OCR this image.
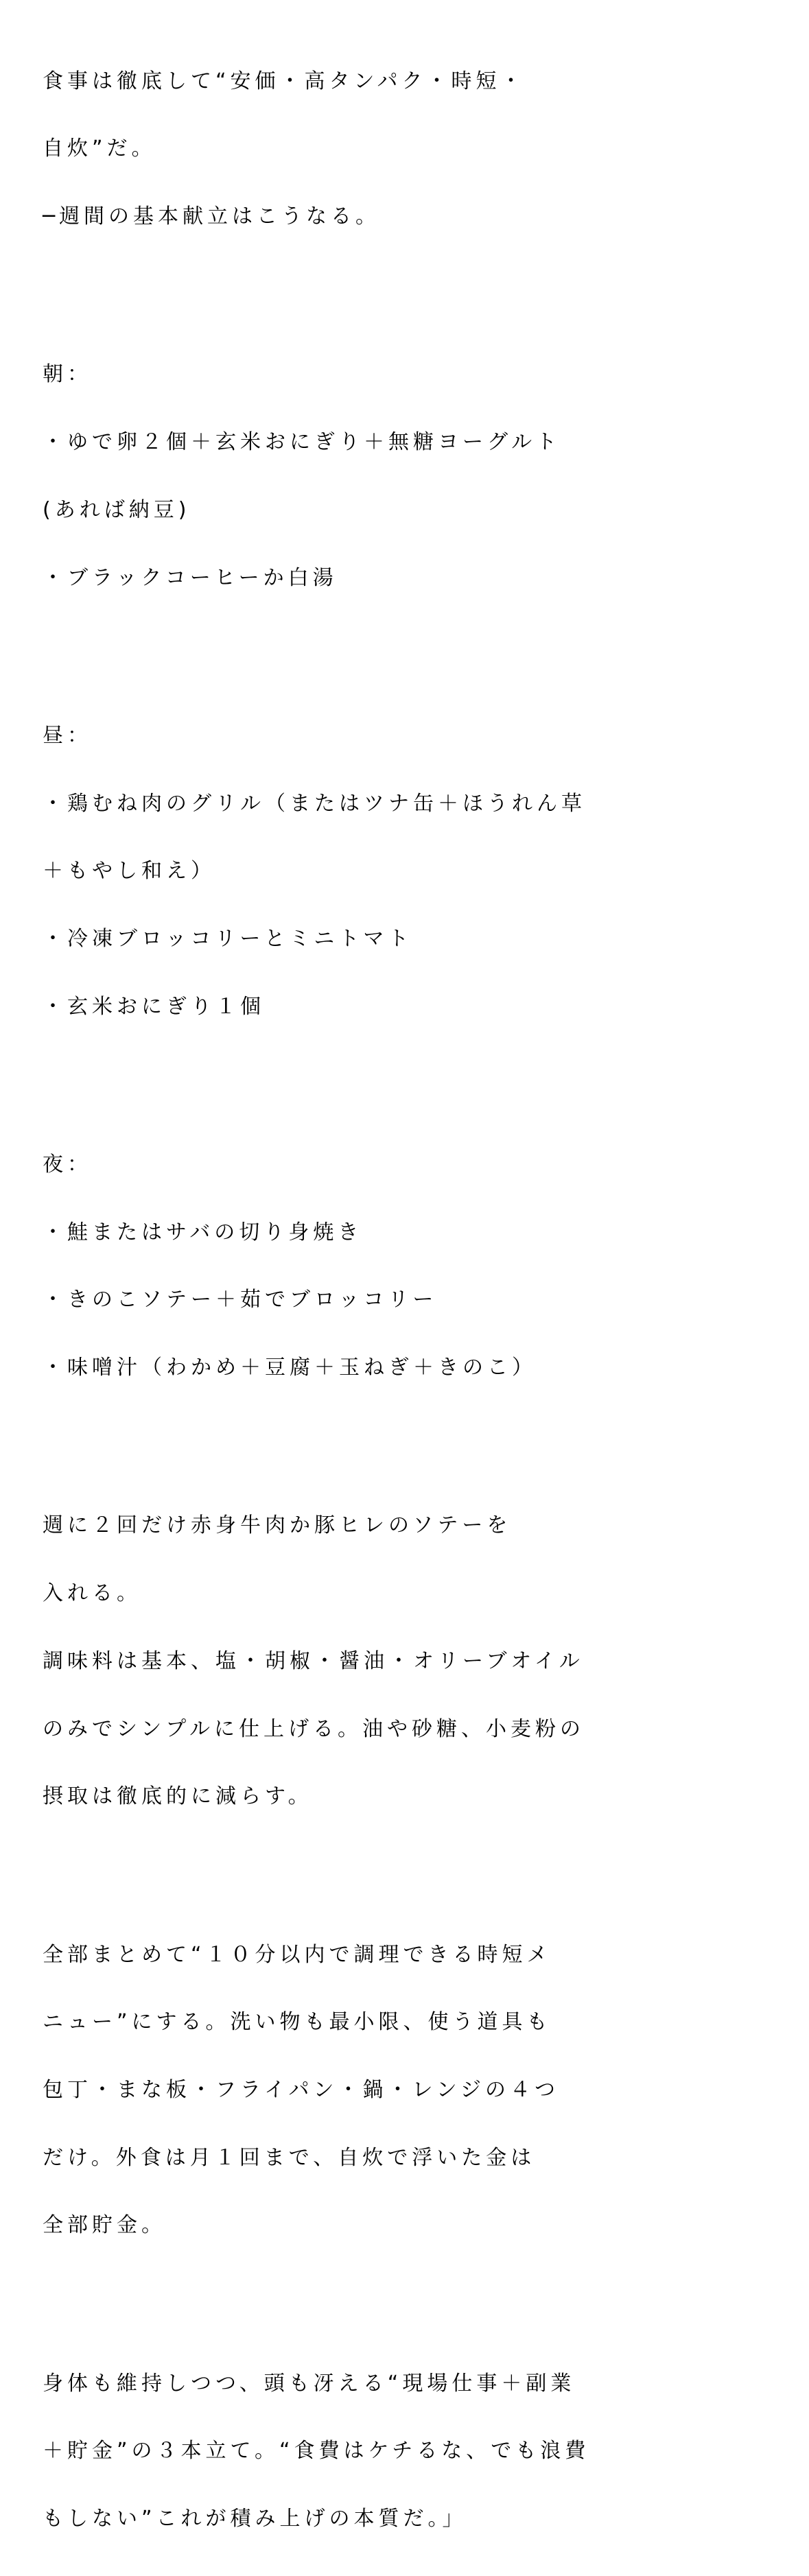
食事は徹底して“安価・高タンパク・時短・

自炊”だ。

─週間の基本献立はこうなる。

朝：

・ゆで卵２個＋玄米おにぎり＋無糖ヨーグルト

(あれば納豆)

・ブラックコーヒーか白湯

昼：

・鶏むね肉のグリル（またはツナ缶＋ほうれん草

＋もやし和え）

・冷凍ブロッコリーとミニトマト

・玄米おにぎり１個

夜：

・鮭またはサバの切り身焼き

・きのこソテー＋茹でブロッコリー

・味噌汁（わかめ＋豆腐＋玉ねぎ＋きのこ）

週に２回だけ赤身牛肉か豚ヒレのソテーを

入れる。

調味料は基本、塩・胡椒・醤油・オリーブオイル

のみでシンプルに仕上げる。油や砂糖、小麦粉の

摂取は徹底的に減らす。

全部まとめて“１０分以内で調理できる時短メ

ニュー”にする。洗い物も最小限、使う道具も

包丁・まな板・フライパン・鍋・レンジの４つ

だけ。外食は月１回まで、自炊で浮いた金は

全部貯金。

身体も維持しつつ、頭も冴える“現場仕事＋副業

＋貯金”の３本立て。“食費はケチるな、でも浪費

もしない”これが積み上げの本質だ。」
